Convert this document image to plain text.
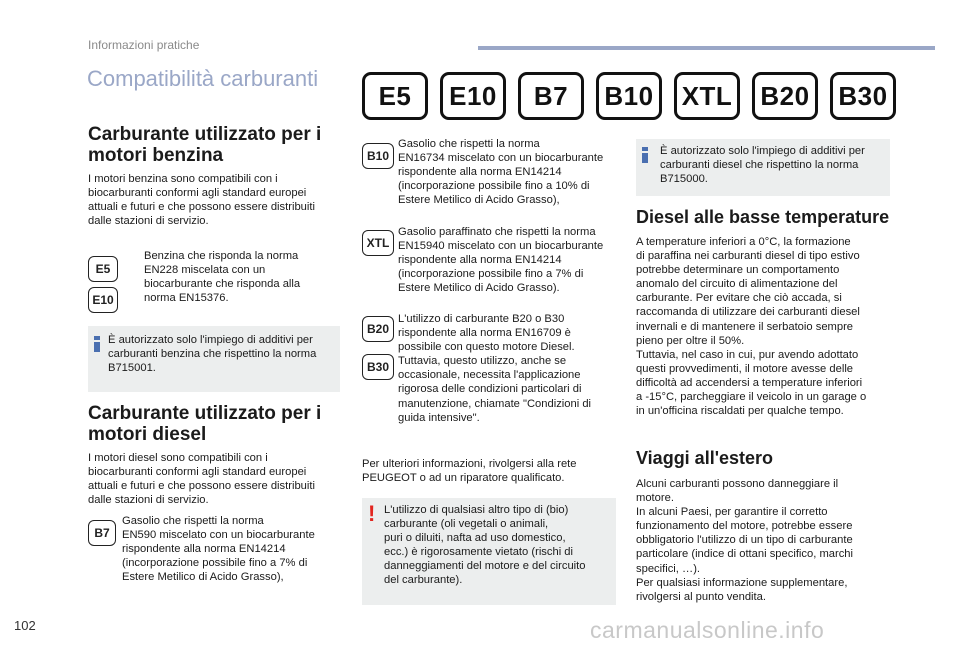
Informazioni pratiche
Compatibilità carburanti
E5	E10	B7	B10	XTL	B20	B30
Carburante utilizzato per i
motori benzina
I motori benzina sono compatibili con i
biocarburanti conformi agli standard europei
attuali e futuri e che possono essere distribuiti
dalle stazioni di servizio.
E5
E10
Benzina che risponda la norma
EN228 miscelata con un
biocarburante che risponda alla
norma EN15376.
È autorizzato solo l'impiego di additivi per
carburanti benzina che rispettino la norma
B715001.
Carburante utilizzato per i
motori diesel
I motori diesel sono compatibili con i
biocarburanti conformi agli standard europei
attuali e futuri e che possono essere distribuiti
dalle stazioni di servizio.
B7
Gasolio che rispetti la norma
EN590 miscelato con un biocarburante
rispondente alla norma EN14214
(incorporazione possibile fino a 7% di
Estere Metilico di Acido Grasso),
B10
Gasolio che rispetti la norma
EN16734 miscelato con un biocarburante
rispondente alla norma EN14214
(incorporazione possibile fino a 10% di
Estere Metilico di Acido Grasso),
XTL
Gasolio paraffinato che rispetti la norma
EN15940 miscelato con un biocarburante
rispondente alla norma EN14214
(incorporazione possibile fino a 7% di
Estere Metilico di Acido Grasso).
B20
B30
L'utilizzo di carburante B20 o B30
rispondente alla norma EN16709 è
possibile con questo motore Diesel.
Tuttavia, questo utilizzo, anche se
occasionale, necessita l'applicazione
rigorosa delle condizioni particolari di
manutenzione, chiamate "Condizioni di
guida intensive".
Per ulteriori informazioni, rivolgersi alla rete
PEUGEOT o ad un riparatore qualificato.
! L'utilizzo di qualsiasi altro tipo di (bio)
carburante (oli vegetali o animali,
puri o diluiti, nafta ad uso domestico,
ecc.) è rigorosamente vietato (rischi di
danneggiamenti del motore e del circuito
del carburante).
È autorizzato solo l'impiego di additivi per
carburanti diesel che rispettino la norma
B715000.
Diesel alle basse temperature
A temperature inferiori a 0°C, la formazione
di paraffina nei carburanti diesel di tipo estivo
potrebbe determinare un comportamento
anomalo del circuito di alimentazione del
carburante. Per evitare che ciò accada, si
raccomanda di utilizzare dei carburanti diesel
invernali e di mantenere il serbatoio sempre
pieno per oltre il 50%.
Tuttavia, nel caso in cui, pur avendo adottato
questi provvedimenti, il motore avesse delle
difficoltà ad accendersi a temperature inferiori
a -15°C, parcheggiare il veicolo in un garage o
in un'officina riscaldati per qualche tempo.
Viaggi all'estero
Alcuni carburanti possono danneggiare il
motore.
In alcuni Paesi, per garantire il corretto
funzionamento del motore, potrebbe essere
obbligatorio l'utilizzo di un tipo di carburante
particolare (indice di ottani specifico, marchi
specifici, …).
Per qualsiasi informazione supplementare,
rivolgersi al punto vendita.
102	carmanualsonline.info
